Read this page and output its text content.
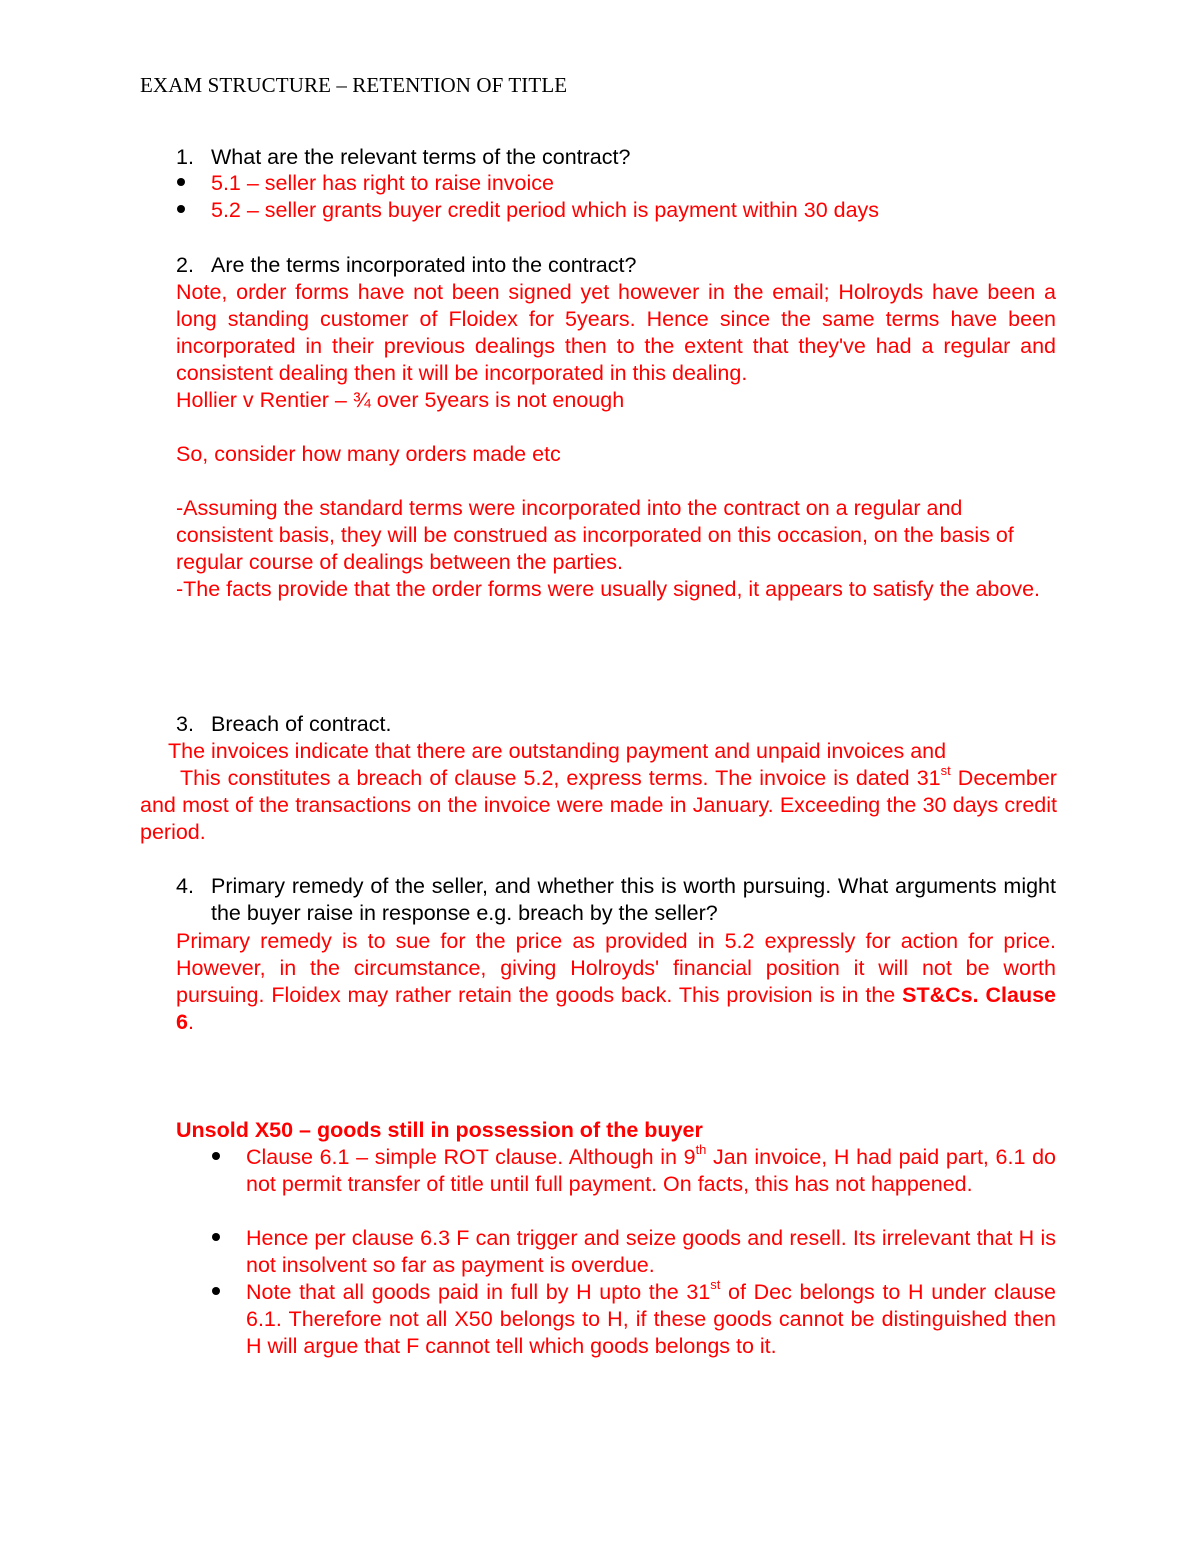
EXAM STRUCTURE – RETENTION OF TITLE
1. What are the relevant terms of the contract?
5.1 – seller has right to raise invoice
5.2 – seller grants buyer credit period which is payment within 30 days
2. Are the terms incorporated into the contract?
Note, order forms have not been signed yet however in the email; Holroyds have been a long standing customer of Floidex for 5years. Hence since the same terms have been incorporated in their previous dealings then to the extent that they've had a regular and consistent dealing then it will be incorporated in this dealing.
Hollier v Rentier – ¾ over 5years is not enough
So, consider how many orders made etc
-Assuming the standard terms were incorporated into the contract on a regular and consistent basis, they will be construed as incorporated on this occasion, on the basis of regular course of dealings between the parties.
-The facts provide that the order forms were usually signed, it appears to satisfy the above.
3. Breach of contract.
The invoices indicate that there are outstanding payment and unpaid invoices and
This constitutes a breach of clause 5.2, express terms. The invoice is dated 31st December and most of the transactions on the invoice were made in January. Exceeding the 30 days credit period.
4. Primary remedy of the seller, and whether this is worth pursuing. What arguments might the buyer raise in response e.g. breach by the seller?
Primary remedy is to sue for the price as provided in 5.2 expressly for action for price. However, in the circumstance, giving Holroyds' financial position it will not be worth pursuing. Floidex may rather retain the goods back. This provision is in the ST&Cs. Clause 6.
Unsold X50 – goods still in possession of the buyer
Clause 6.1 – simple ROT clause. Although in 9th Jan invoice, H had paid part, 6.1 do not permit transfer of title until full payment. On facts, this has not happened.
Hence per clause 6.3 F can trigger and seize goods and resell. Its irrelevant that H is not insolvent so far as payment is overdue.
Note that all goods paid in full by H upto the 31st of Dec belongs to H under clause 6.1. Therefore not all X50 belongs to H, if these goods cannot be distinguished then H will argue that F cannot tell which goods belongs to it.
